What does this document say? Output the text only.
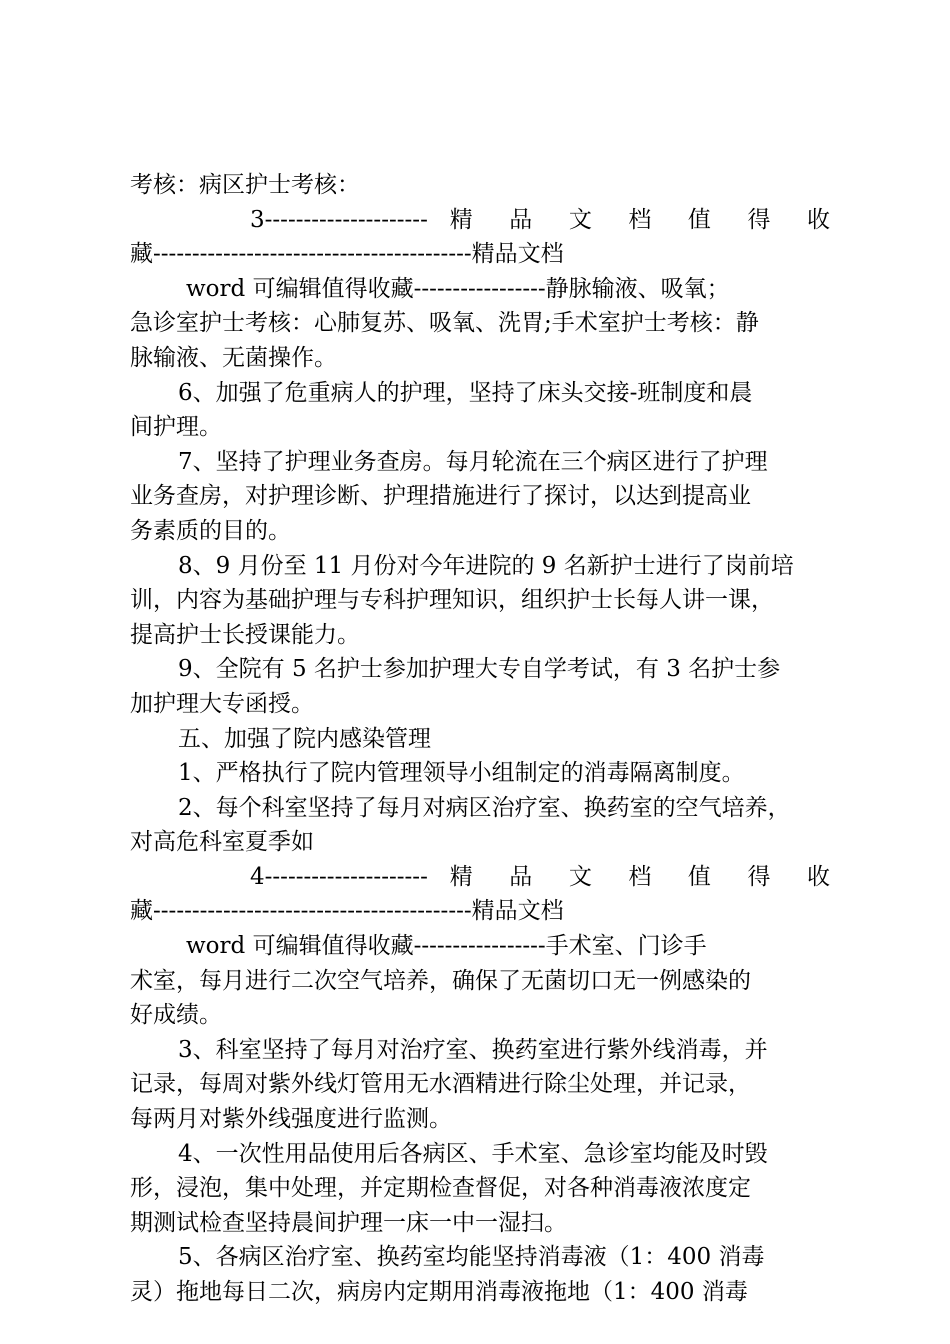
考核：病区护士考核：
3--------------------- 精 品 文 档 值 得 收
藏-----------------------------------------精品文档
word 可编辑值得收藏-----------------静脉输液、吸氧；
急诊室护士考核：心肺复苏、吸氧、洗胃;手术室护士考核：静
脉输液、无菌操作。
6、加强了危重病人的护理，坚持了床头交接-班制度和晨
间护理。
7、坚持了护理业务查房。每月轮流在三个病区进行了护理
业务查房，对护理诊断、护理措施进行了探讨，以达到提高业
务素质的目的。
8、9 月份至 11 月份对今年进院的 9 名新护士进行了岗前培
训，内容为基础护理与专科护理知识，组织护士长每人讲一课，
提高护士长授课能力。
9、全院有 5 名护士参加护理大专自学考试，有 3 名护士参
加护理大专函授。
五、加强了院内感染管理
1、严格执行了院内管理领导小组制定的消毒隔离制度。
2、每个科室坚持了每月对病区治疗室、换药室的空气培养，
对高危科室夏季如
4--------------------- 精 品 文 档 值 得 收
藏-----------------------------------------精品文档
word 可编辑值得收藏-----------------手术室、门诊手
术室，每月进行二次空气培养，确保了无菌切口无一例感染的
好成绩。
3、科室坚持了每月对治疗室、换药室进行紫外线消毒，并
记录，每周对紫外线灯管用无水酒精进行除尘处理，并记录，
每两月对紫外线强度进行监测。
4、一次性用品使用后各病区、手术室、急诊室均能及时毁
形，浸泡，集中处理，并定期检查督促，对各种消毒液浓度定
期测试检查坚持晨间护理一床一中一湿扫。
5、各病区治疗室、换药室均能坚持消毒液（1：400 消毒
灵）拖地每日二次，病房内定期用消毒液拖地（1：400 消毒
